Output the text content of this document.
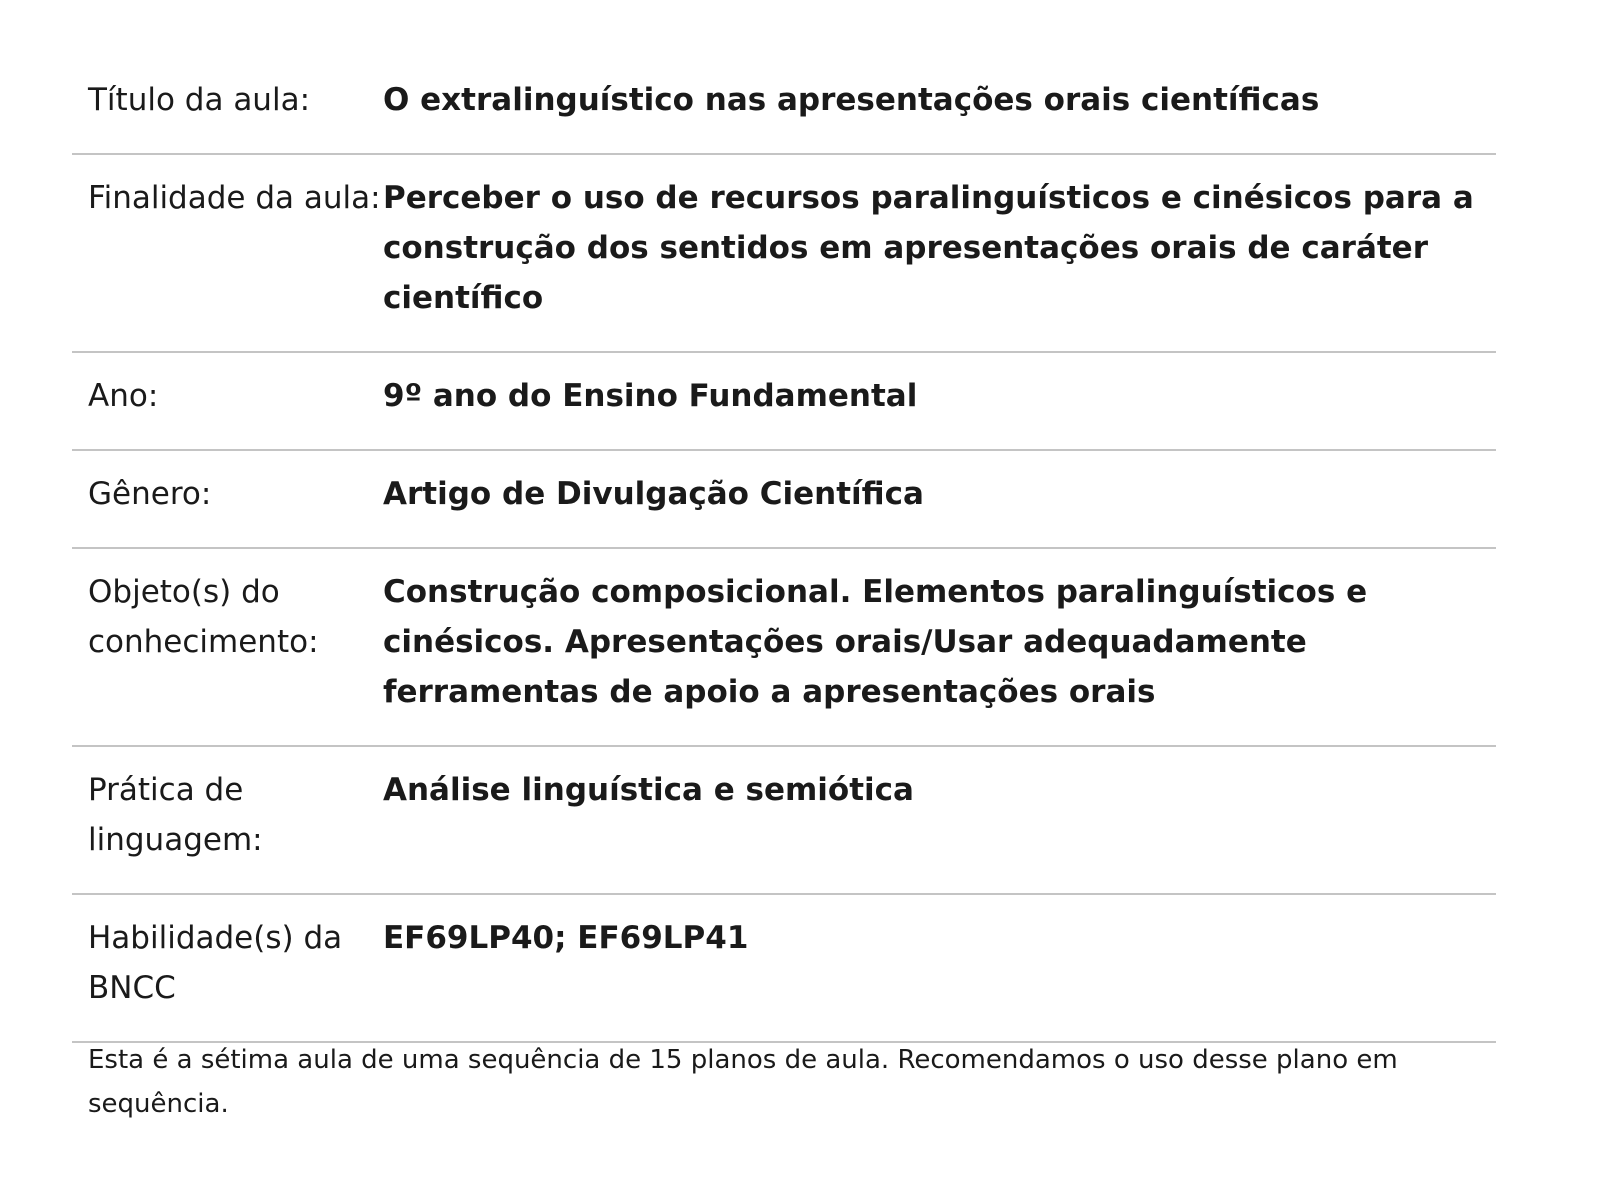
Título da aula:	O extralinguístico nas apresentações orais científicas
Finalidade da aula: Perceber o uso de recursos paralinguísticos e cinésicos para a construção dos sentidos em apresentações orais de caráter científico
Ano:	9º ano do Ensino Fundamental
Gênero:	Artigo de Divulgação Científica
Objeto(s) do conhecimento:
Construção composicional. Elementos paralinguísticos e cinésicos. Apresentações orais/Usar adequadamente ferramentas de apoio a apresentações orais
Prática de linguagem:
Análise linguística e semiótica
Habilidade(s) da BNCC
EF69LP40; EF69LP41
Esta é a sétima aula de uma sequência de 15 planos de aula. Recomendamos o uso desse plano em sequência.
